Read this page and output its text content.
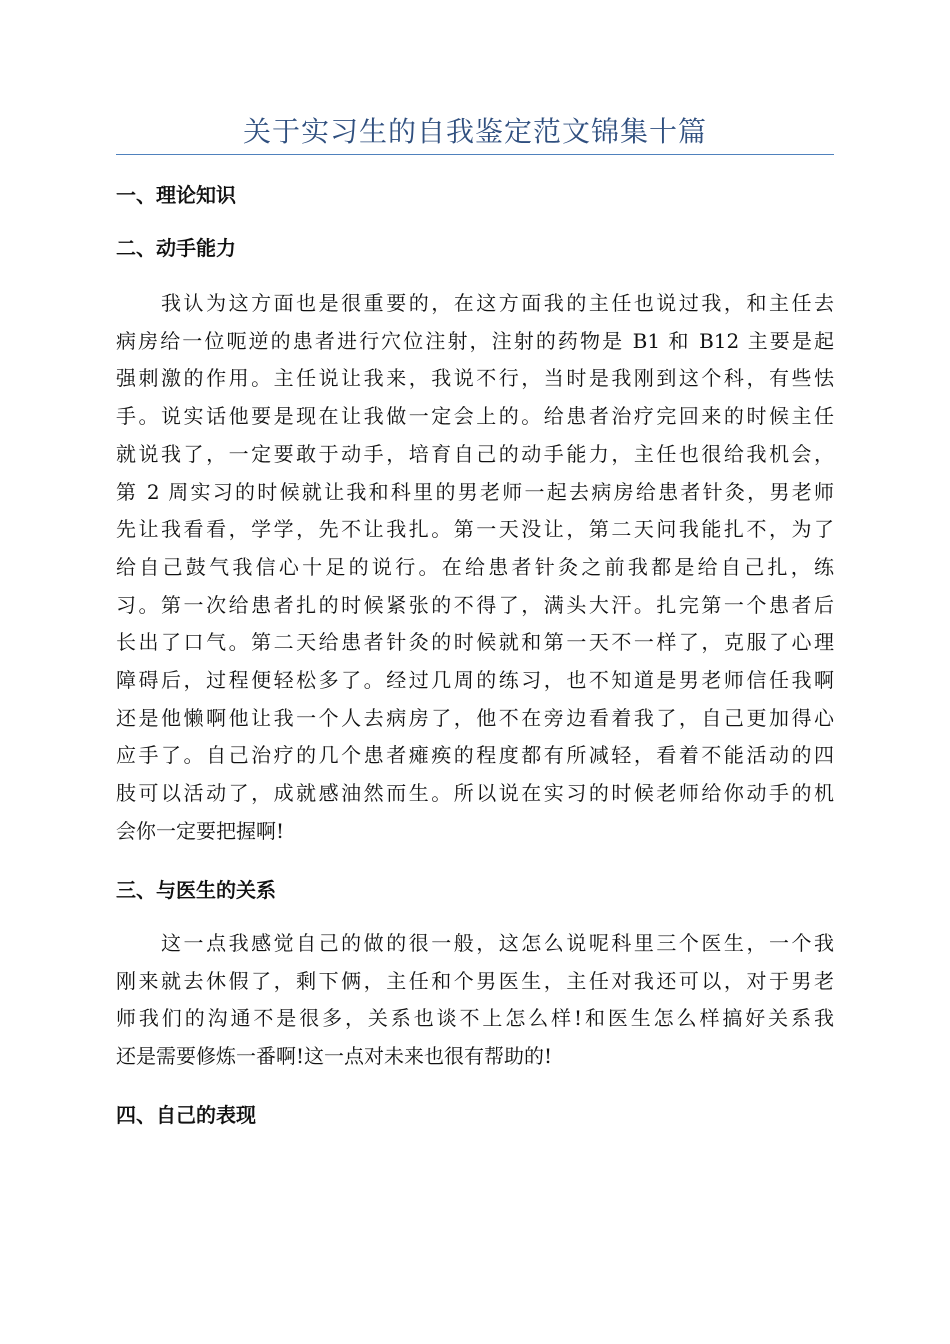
关于实习生的自我鉴定范文锦集十篇
一、理论知识
二、动手能力
　　我认为这方面也是很重要的，在这方面我的主任也说过我，和主任去
病房给一位呃逆的患者进行穴位注射，注射的药物是 B1 和 B12 主要是起
强刺激的作用。主任说让我来，我说不行，当时是我刚到这个科，有些怯
手。说实话他要是现在让我做一定会上的。给患者治疗完回来的时候主任
就说我了，一定要敢于动手，培育自己的动手能力，主任也很给我机会，
第 2 周实习的时候就让我和科里的男老师一起去病房给患者针灸，男老师
先让我看看，学学，先不让我扎。第一天没让，第二天问我能扎不，为了
给自己鼓气我信心十足的说行。在给患者针灸之前我都是给自己扎，练
习。第一次给患者扎的时候紧张的不得了，满头大汗。扎完第一个患者后
长出了口气。第二天给患者针灸的时候就和第一天不一样了，克服了心理
障碍后，过程便轻松多了。经过几周的练习，也不知道是男老师信任我啊
还是他懒啊他让我一个人去病房了，他不在旁边看着我了，自己更加得心
应手了。自己治疗的几个患者瘫痪的程度都有所减轻，看着不能活动的四
肢可以活动了，成就感油然而生。所以说在实习的时候老师给你动手的机
会你一定要把握啊!
三、与医生的关系
　　这一点我感觉自己的做的很一般，这怎么说呢科里三个医生，一个我
刚来就去休假了，剩下俩，主任和个男医生，主任对我还可以，对于男老
师我们的沟通不是很多，关系也谈不上怎么样!和医生怎么样搞好关系我
还是需要修炼一番啊!这一点对未来也很有帮助的!
四、自己的表现
